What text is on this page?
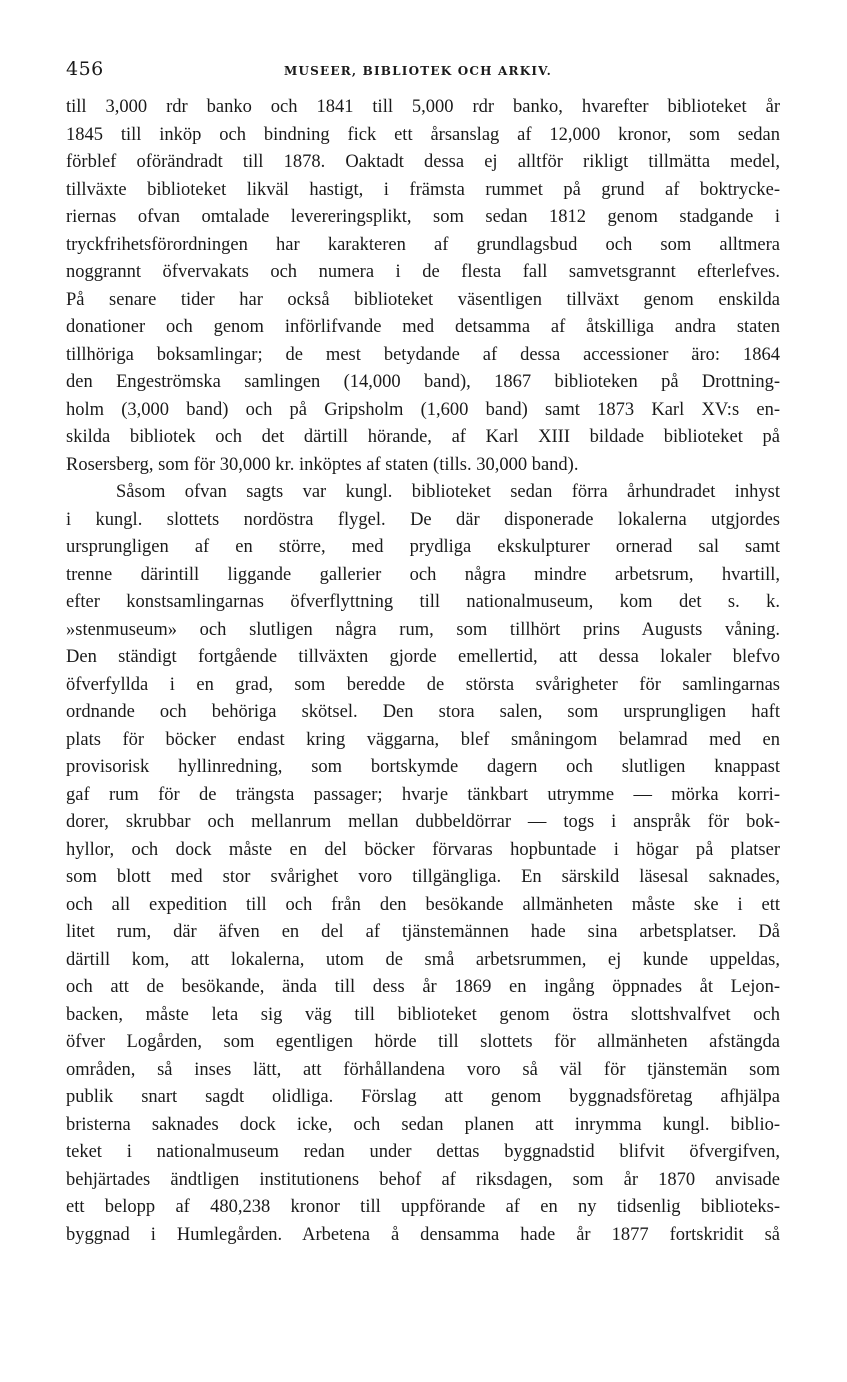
456	MUSEER, BIBLIOTEK OCH ARKIV.
till 3,000 rdr banko och 1841 till 5,000 rdr banko, hvarefter biblioteket år
1845 till inköp och bindning fick ett årsanslag af 12,000 kronor, som sedan
förblef oförändradt till 1878. Oaktadt dessa ej alltför rikligt tillmätta medel,
tillväxte biblioteket likväl hastigt, i främsta rummet på grund af boktrycke-
riernas ofvan omtalade levereringsplikt, som sedan 1812 genom stadgande i
tryckfrihetsförordningen har karakteren af grundlagsbud och som alltmera
noggrannt öfvervakats och numera i de flesta fall samvetsgrannt efterlefves.
På senare tider har också biblioteket väsentligen tillväxt genom enskilda
donationer och genom införlifvande med detsamma af åtskilliga andra staten
tillhöriga boksamlingar; de mest betydande af dessa accessioner äro: 1864
den Engeströmska samlingen (14,000 band), 1867 biblioteken på Drottning-
holm (3,000 band) och på Gripsholm (1,600 band) samt 1873 Karl XV:s en-
skilda bibliotek och det därtill hörande, af Karl XIII bildade biblioteket på
Rosersberg, som för 30,000 kr. inköptes af staten (tills. 30,000 band).
Såsom ofvan sagts var kungl. biblioteket sedan förra århundradet inhyst
i kungl. slottets nordöstra flygel. De där disponerade lokalerna utgjordes
ursprungligen af en större, med prydliga ekskulpturer ornerad sal samt
trenne därintill liggande gallerier och några mindre arbetsrum, hvartill,
efter konstsamlingarnas öfverflyttning till nationalmuseum, kom det s. k.
»stenmuseum» och slutligen några rum, som tillhört prins Augusts våning.
Den ständigt fortgående tillväxten gjorde emellertid, att dessa lokaler blefvo
öfverfyllda i en grad, som beredde de största svårigheter för samlingarnas
ordnande och behöriga skötsel. Den stora salen, som ursprungligen haft
plats för böcker endast kring väggarna, blef småningom belamrad med en
provisorisk hyllinredning, som bortskymde dagern och slutligen knappast
gaf rum för de trängsta passager; hvarje tänkbart utrymme — mörka korri-
dorer, skrubbar och mellanrum mellan dubbeldörrar — togs i anspråk för bok-
hyllor, och dock måste en del böcker förvaras hopbuntade i högar på platser
som blott med stor svårighet voro tillgängliga. En särskild läsesal saknades,
och all expedition till och från den besökande allmänheten måste ske i ett
litet rum, där äfven en del af tjänstemännen hade sina arbetsplatser. Då
därtill kom, att lokalerna, utom de små arbetsrummen, ej kunde uppeldas,
och att de besökande, ända till dess år 1869 en ingång öppnades åt Lejon-
backen, måste leta sig väg till biblioteket genom östra slottshvalfvet och
öfver Logården, som egentligen hörde till slottets för allmänheten afstängda
områden, så inses lätt, att förhållandena voro så väl för tjänstemän som
publik snart sagdt olidliga. Förslag att genom byggnadsföretag afhjälpa
bristerna saknades dock icke, och sedan planen att inrymma kungl. biblio-
teket i nationalmuseum redan under dettas byggnadstid blifvit öfvergifven,
behjärtades ändtligen institutionens behof af riksdagen, som år 1870 anvisade
ett belopp af 480,238 kronor till uppförande af en ny tidsenlig biblioteks-
byggnad i Humlegården. Arbetena å densamma hade år 1877 fortskridit så
